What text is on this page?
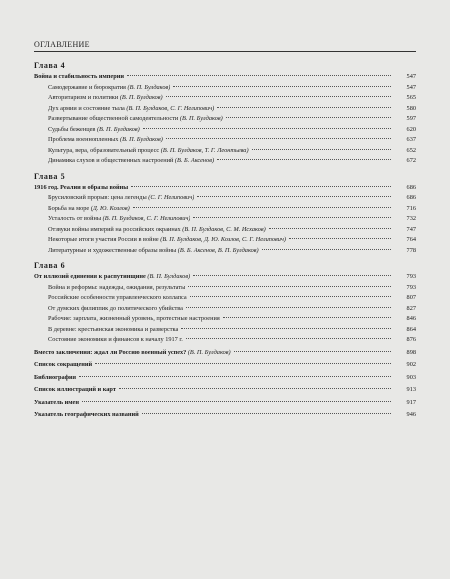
ОГЛАВЛЕНИЕ
Глава 4
Война и стабильность империи	547
Самодержавие и бюрократия (В. П. Булдаков)	547
Авторитаризм и политики (В. П. Булдаков)	565
Дух армии и состояние тыла (В. П. Булдаков, С. Г. Нелипович)	580
Развертывание общественной самодеятельности (В. П. Булдаков)	597
Судьбы беженцев (В. П. Булдаков)	620
Проблема военнопленных (В. П. Булдаков)	637
Культура, вера, образовательный процесс (В. П. Булдаков, Т. Г. Леонтьева)	652
Динамика слухов и общественных настроений (В. Б. Аксенов)	672
Глава 5
1916 год. Реалии и образы войны	686
Брусиловский прорыв: цена легенды (С. Г. Нелипович)	686
Борьба на море (Д. Ю. Козлов)	716
Усталость от войны (В. П. Булдаков, С. Г. Нелипович)	732
Отзвуки войны империй на российских окраинах (В. П. Булдаков, С. М. Исхаков)	747
Некоторые итоги участия России в войне (В. П. Булдаков, Д. Ю. Козлов, С. Г. Нелипович)	764
Литературные и художественные образы войны (В. Б. Аксенов, В. П. Булдаков)	778
Глава 6
От иллюзий единения к распутинщине (В. П. Булдаков)	793
Война и реформы: надежды, ожидания, результаты	793
Российские особенности управленческого коллапса	807
От думских филиппик до политического убийства	827
Рабочие: зарплата, жизненный уровень, протестные настроения	846
В деревне: крестьянская экономика и разверстка	864
Состояние экономики и финансов к началу 1917 г.	876
Вместо заключения: ждал ли Россию военный успех? (В. П. Булдаков)	898
Список сокращений	902
Библиография	903
Список иллюстраций и карт	913
Указатель имен	917
Указатель географических названий	946
